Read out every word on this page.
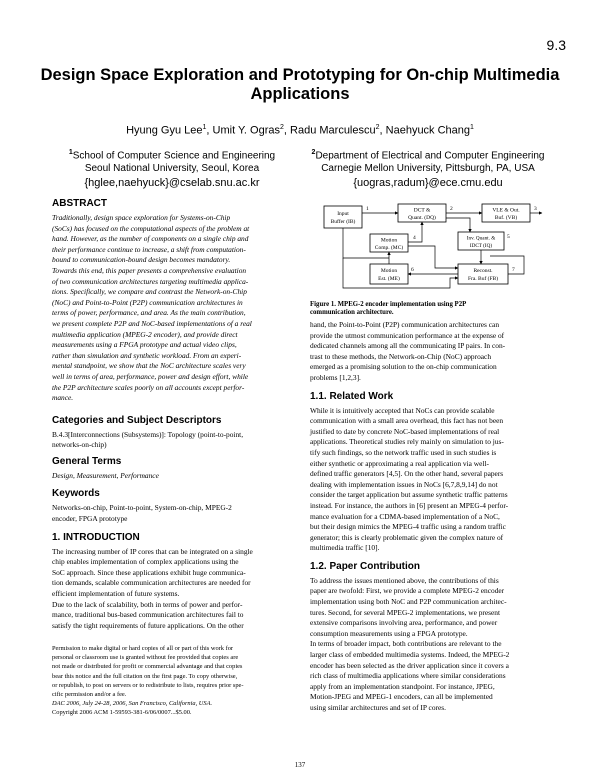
9.3
Design Space Exploration and Prototyping for On-chip Multimedia Applications
Hyung Gyu Lee$^1$, Umit Y. Ogras$^2$, Radu Marculescu$^2$, Naehyuck Chang$^1$
$^1$School of Computer Science and Engineering
Seoul National University, Seoul, Korea
{hglee,naehyuck}@cselab.snu.ac.kr
$^2$Department of Electrical and Computer Engineering
Carnegie Mellon University, Pittsburgh, PA, USA
{uogras,radum}@ece.cmu.edu
ABSTRACT

Traditionally, design space exploration for Systems-on-Chip

(SoCs) has focused on the computational aspects of the problem at

hand. However, as the number of components on a single chip and

their performance continue to increase, a shift from computation-

bound to communication-bound design becomes mandatory.

Towards this end, this paper presents a comprehensive evaluation

of two communication architectures targeting multimedia applica-

tions. Specifically, we compare and contrast the Network-on-Chip

(NoC) and Point-to-Point (P2P) communication architectures in

terms of power, performance, and area. As the main contribution,

we present complete P2P and NoC-based implementations of a real

multimedia application (MPEG-2 encoder), and provide direct

measurements using a FPGA prototype and actual video clips,

rather than simulation and synthetic workload. From an experi-

mental standpoint, we show that the NoC architecture scales very

well in terms of area, performance, power and design effort, while

the P2P architecture scales poorly on all accounts except perfor-

mance.

Categories and Subject Descriptors

B.4.3[Interconnections (Subsystems)]: Topology (point-to-point,

networks-on-chip)

General Terms

Design, Measurement, Performance

Keywords

Networks-on-chip, Point-to-point, System-on-chip, MPEG-2

encoder, FPGA prototype

1. INTRODUCTION

The increasing number of IP cores that can be integrated on a single

chip enables implementation of complex applications using the

SoC approach. Since these applications exhibit huge communica-

tion demands, scalable communication architectures are needed for

efficient implementation of future systems.

Due to the lack of scalability, both in terms of power and perfor-

mance, traditional bus-based communication architectures fail to

satisfy the tight requirements of future applications. On the other

Permission to make digital or hard copies of all or part of this work for
personal or classroom use is granted without fee provided that copies are
not made or distributed for profit or commercial advantage and that copies
bear this notice and the full citation on the first page. To copy otherwise,
or republish, to post on servers or to redistribute to lists, requires prior spe-
cific permission and/or a fee.
DAC 2006, July 24-28, 2006, San Francisco, California, USA.
Copyright 2006 ACM 1-59593-381-6/06/0007...$5.00.
Input
Buffer (IB)
DCT &
Quant. (DQ)
VLE & Out.
Buf. (VB)
Motion
Comp. (MC)
Inv. Quant. &
IDCT (IQ)
Motion
Est. (ME)
Reconst.
Fra. Buf (FB)
1	2	3
4	5
6	7
Figure 1. MPEG-2 encoder implementation using P2P
communication architecture.

hand, the Point-to-Point (P2P) communication architectures can

provide the utmost communication performance at the expense of

dedicated channels among all the communicating IP pairs. In con-

trast to these methods, the Network-on-Chip (NoC) approach

emerged as a promising solution to the on-chip communication

problems [1,2,3].

1.1. Related Work

While it is intuitively accepted that NoCs can provide scalable

communication with a small area overhead, this fact has not been

justified to date by concrete NoC-based implementations of real

applications. Theoretical studies rely mainly on simulation to jus-

tify such findings, so the network traffic used in such studies is

either synthetic or approximating a real application via well-

defined traffic generators [4,5]. On the other hand, several papers

dealing with implementation issues in NoCs [6,7,8,9,14] do not

consider the target application but assume synthetic traffic patterns

instead. For instance, the authors in [6] present an MPEG-4 perfor-

mance evaluation for a CDMA-based implementation of a NoC,

but their design mimics the MPEG-4 traffic using a random traffic

generator; this is clearly problematic given the complex nature of

multimedia traffic [10].

1.2. Paper Contribution

To address the issues mentioned above, the contributions of this

paper are twofold: First, we provide a complete MPEG-2 encoder

implementation using both NoC and P2P communication architec-

tures. Second, for several MPEG-2 implementations, we present

extensive comparisons involving area, performance, and power

consumption measurements using a FPGA prototype.

In terms of broader impact, both contributions are relevant to the

larger class of embedded multimedia systems. Indeed, the MPEG-2

encoder has been selected as the driver application since it covers a

rich class of multimedia applications where similar considerations

apply from an implementation standpoint. For instance, JPEG,

Motion-JPEG and MPEG-1 encoders, can all be implemented

using similar architectures and set of IP cores.

137
